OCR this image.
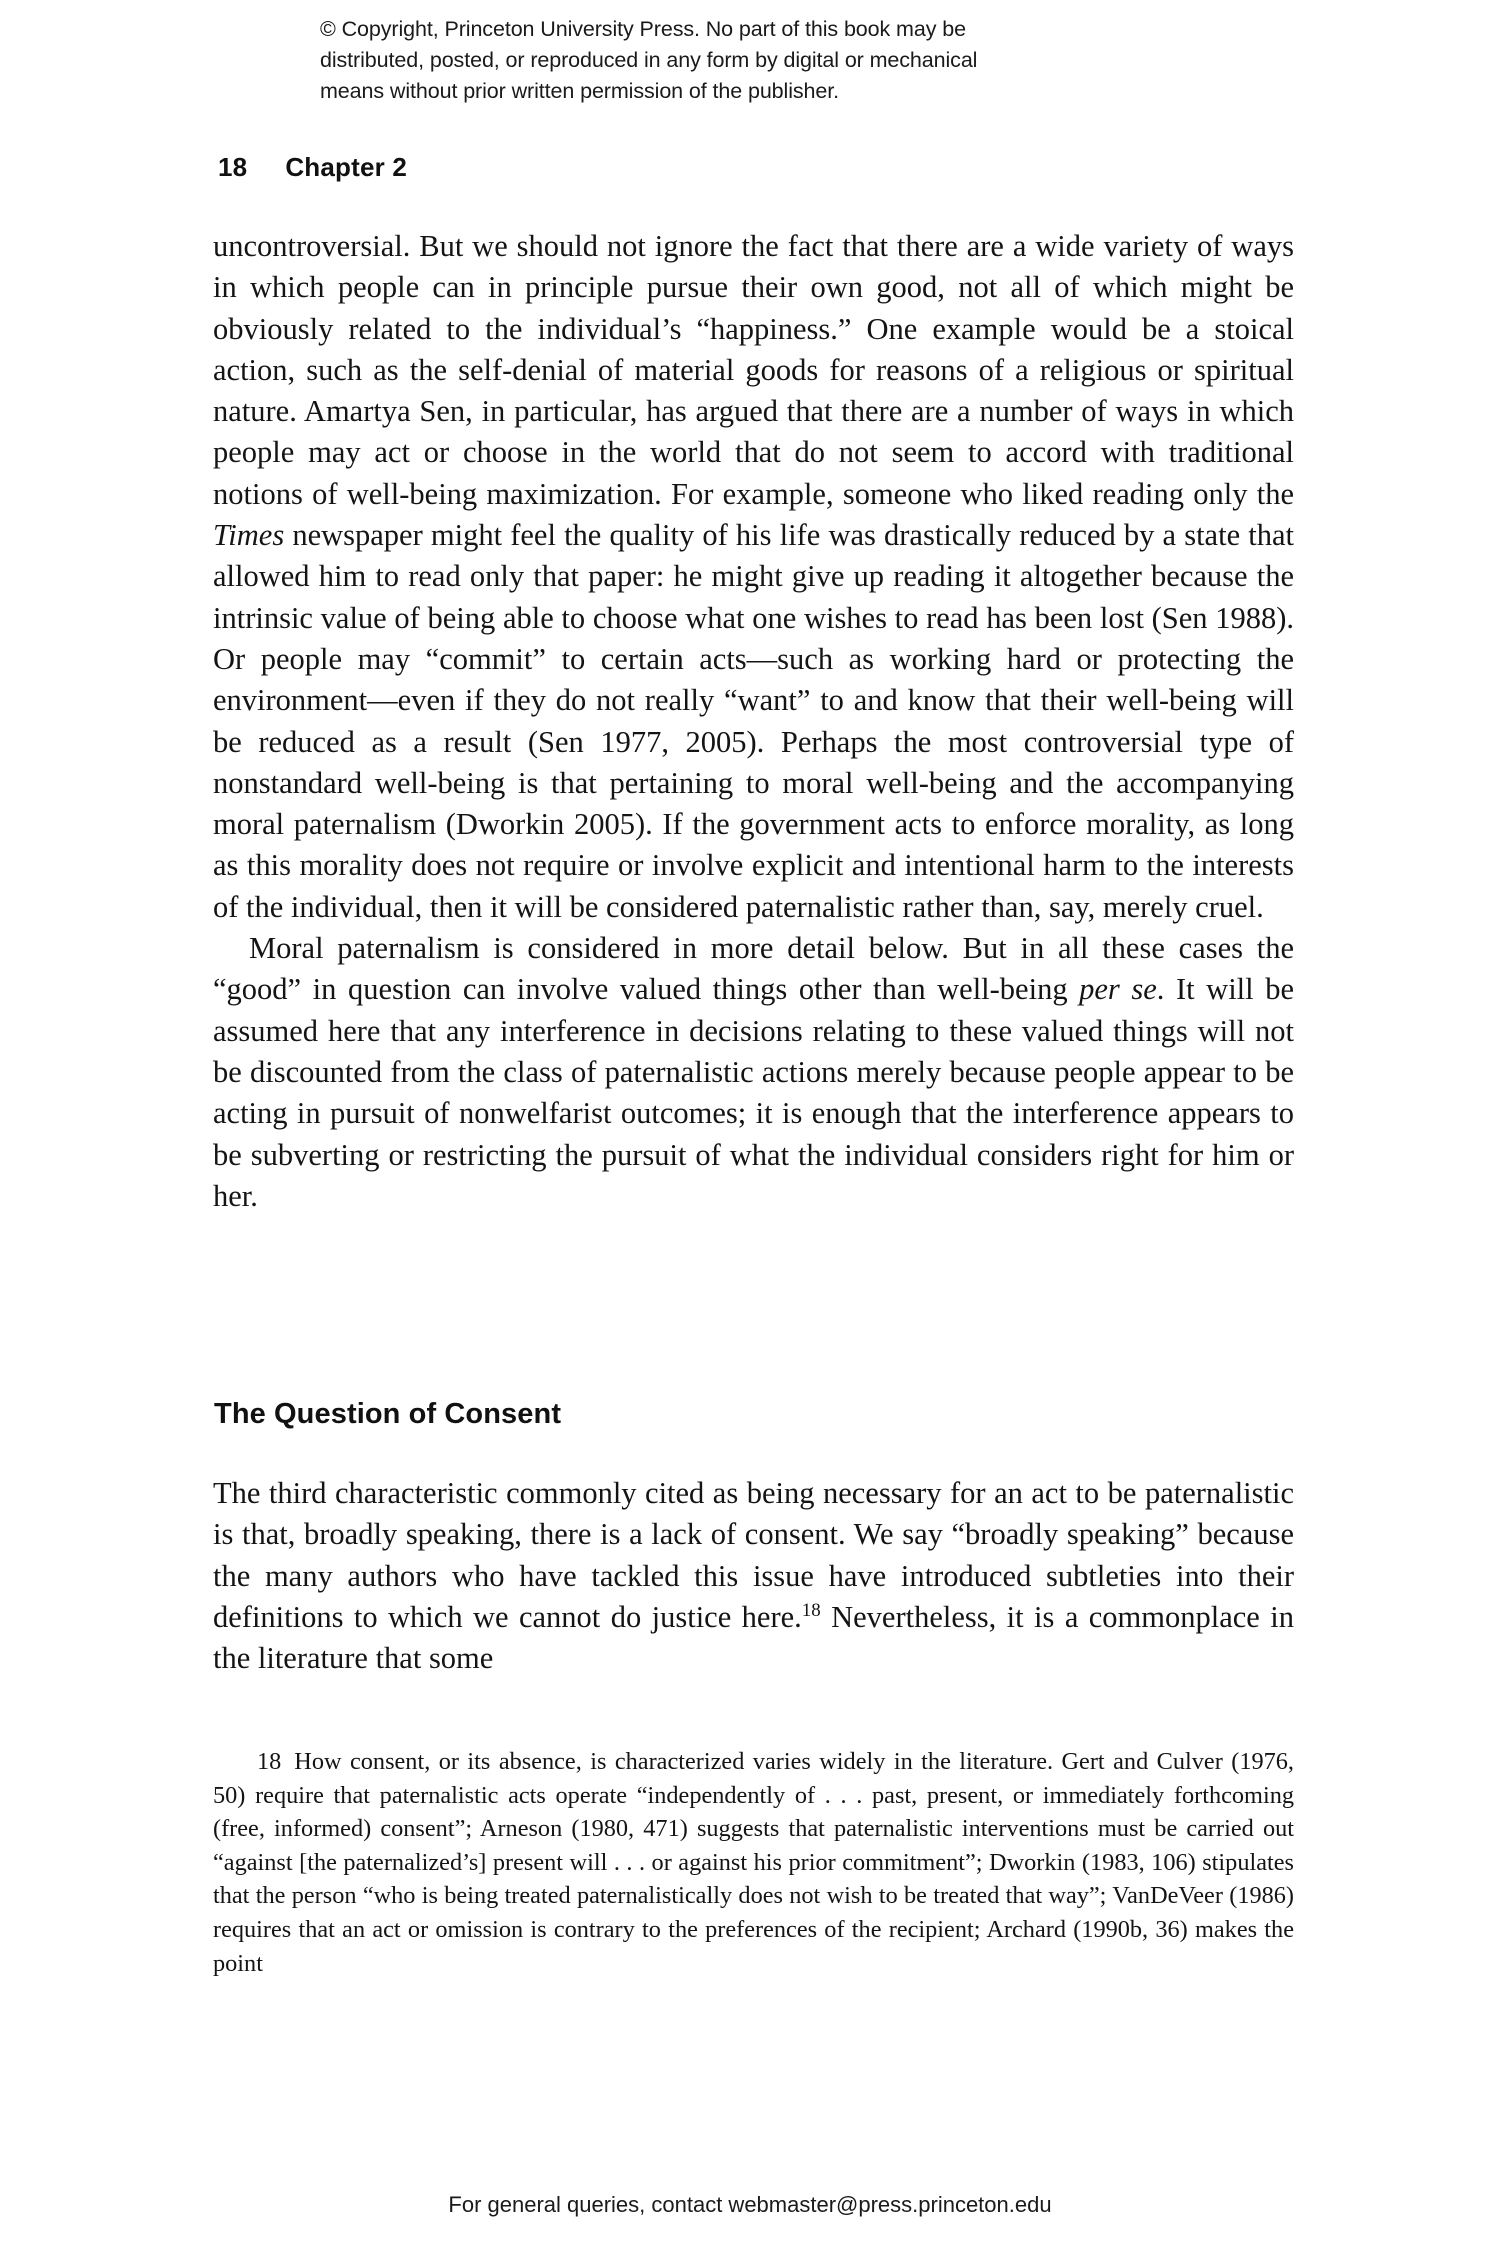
© Copyright, Princeton University Press. No part of this book may be
distributed, posted, or reproduced in any form by digital or mechanical
means without prior written permission of the publisher.
18 Chapter 2

uncontroversial. But we should not ignore the fact that there are a wide variety of ways in which people can in principle pursue their own good, not all of which might be obviously related to the individual’s “happiness.” One example would be a stoical action, such as the self-denial of material goods for reasons of a religious or spiritual nature. Amartya Sen, in particular, has argued that there are a number of ways in which people may act or choose in the world that do not seem to accord with traditional notions of well-being maximization. For example, someone who liked reading only the Times newspaper might feel the quality of his life was drastically reduced by a state that allowed him to read only that paper: he might give up reading it altogether because the intrinsic value of being able to choose what one wishes to read has been lost (Sen 1988). Or people may “commit” to certain acts—such as working hard or protecting the environment—even if they do not really “want” to and know that their well-being will be reduced as a result (Sen 1977, 2005). Perhaps the most controversial type of nonstandard well-being is that pertaining to moral well-being and the accompanying moral paternalism (Dworkin 2005). If the government acts to enforce morality, as long as this morality does not require or involve explicit and intentional harm to the interests of the individual, then it will be considered paternalistic rather than, say, merely cruel.

Moral paternalism is considered in more detail below. But in all these cases the “good” in question can involve valued things other than well-being per se. It will be assumed here that any interference in decisions relating to these valued things will not be discounted from the class of paternalistic actions merely because people appear to be acting in pursuit of nonwelfarist outcomes; it is enough that the interference appears to be subverting or restricting the pursuit of what the individual considers right for him or her.

The Question of Consent

The third characteristic commonly cited as being necessary for an act to be paternalistic is that, broadly speaking, there is a lack of consent. We say “broadly speaking” because the many authors who have tackled this issue have introduced subtleties into their definitions to which we cannot do justice here.$^{18}$ Nevertheless, it is a commonplace in the literature that some

18 How consent, or its absence, is characterized varies widely in the literature. Gert and Culver (1976, 50) require that paternalistic acts operate “independently of . . . past, present, or immediately forthcoming (free, informed) consent”; Arneson (1980, 471) suggests that paternalistic interventions must be carried out “against [the paternalized’s] present will . . . or against his prior commitment”; Dworkin (1983, 106) stipulates that the person “who is being treated paternalistically does not wish to be treated that way”; VanDeVeer (1986) requires that an act or omission is contrary to the preferences of the recipient; Archard (1990b, 36) makes the point

For general queries, contact webmaster@press.princeton.edu
